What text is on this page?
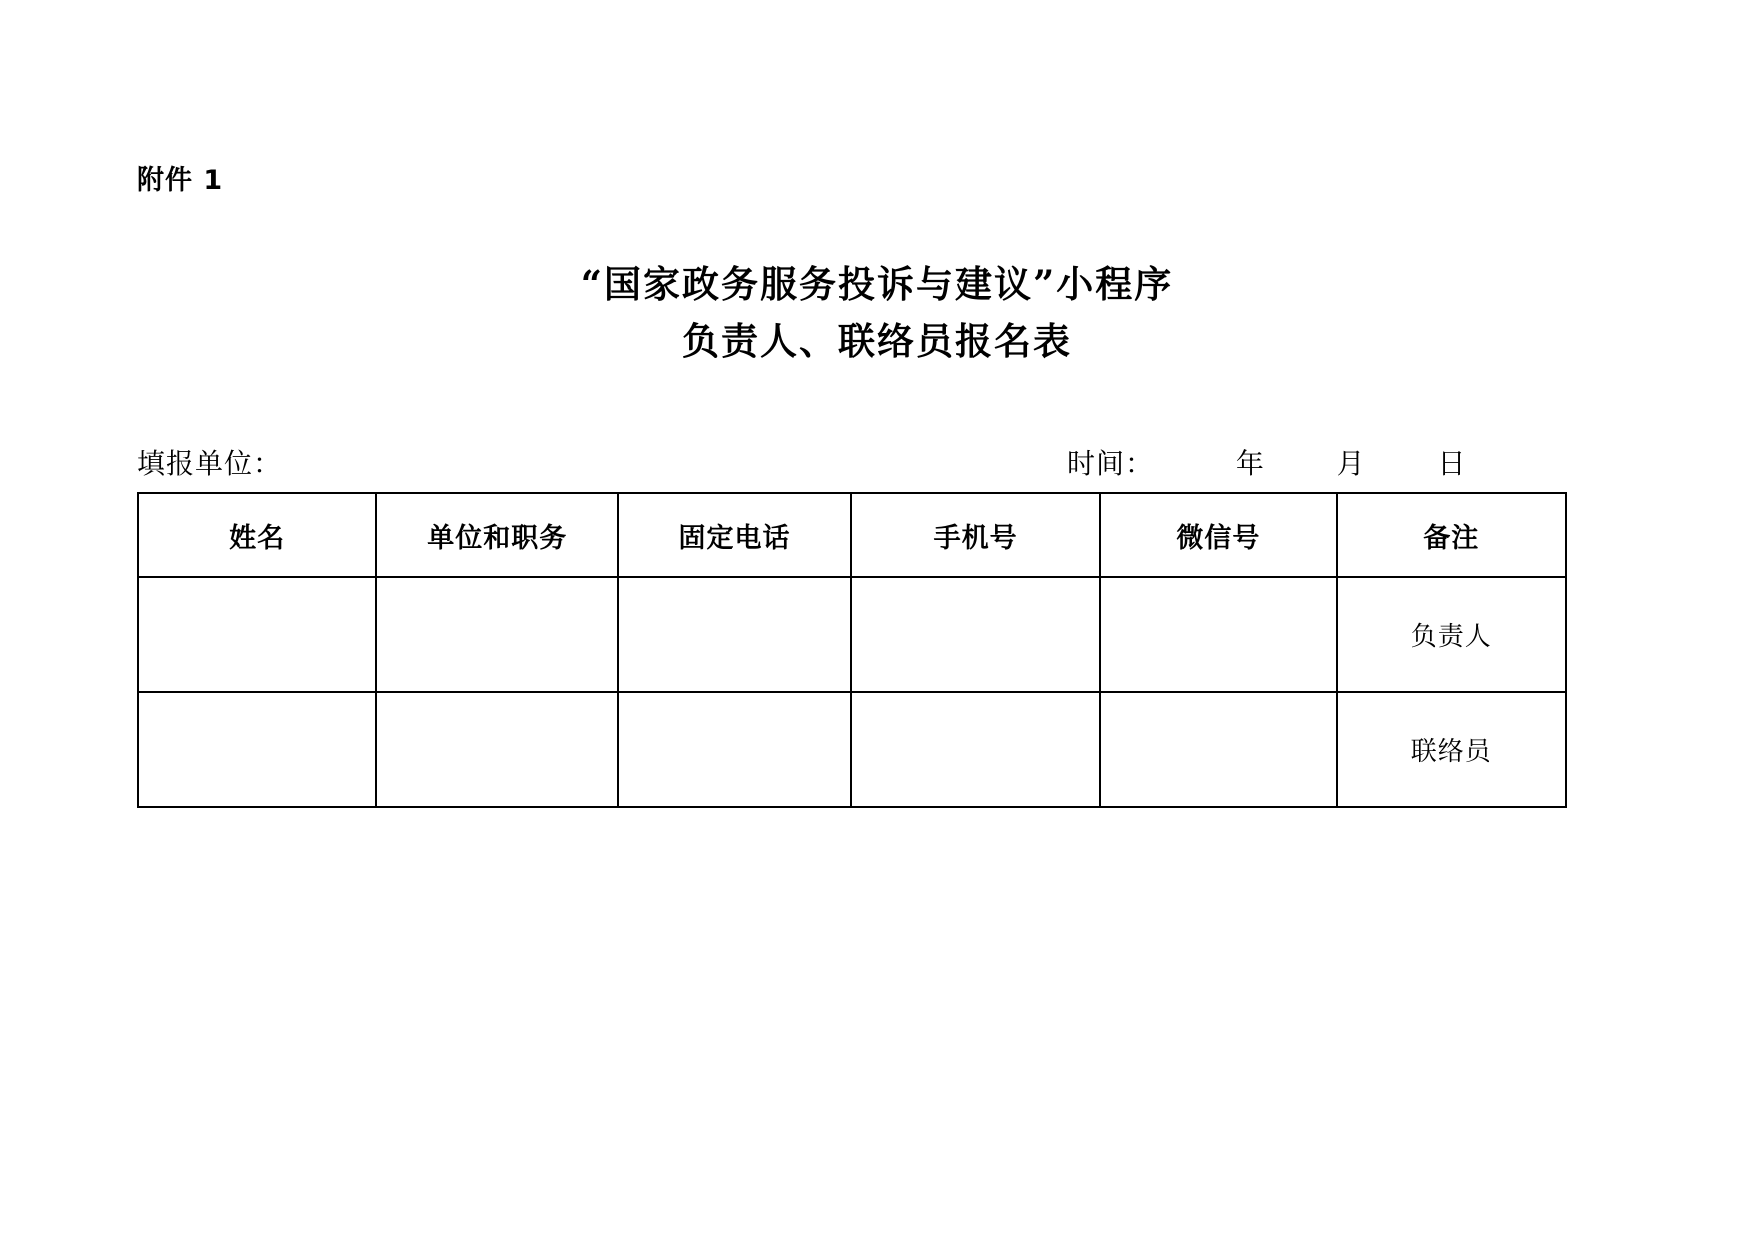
附件 1
“国家政务服务投诉与建议”小程序
负责人、联络员报名表
填报单位：	时间：	年	月	日
姓名	单位和职务	固定电话	手机号	微信号	备注
					负责人
					联络员
